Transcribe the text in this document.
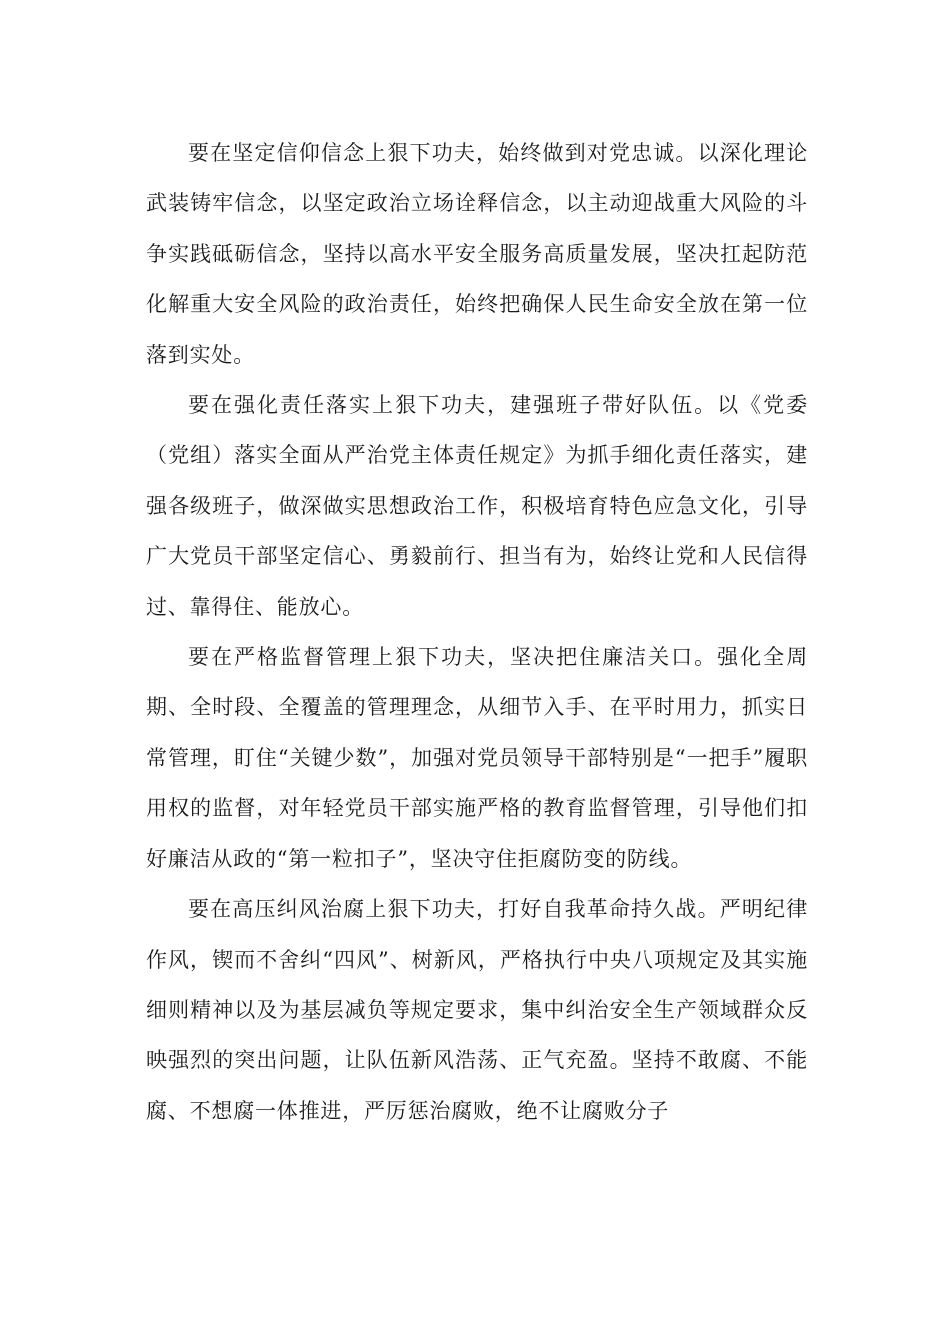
要在坚定信仰信念上狠下功夫，始终做到对党忠诚。以深化理论武装铸牢信念，以坚定政治立场诠释信念，以主动迎战重大风险的斗争实践砥砺信念，坚持以高水平安全服务高质量发展，坚决扛起防范化解重大安全风险的政治责任，始终把确保人民生命安全放在第一位落到实处。

要在强化责任落实上狠下功夫，建强班子带好队伍。以《党委（党组）落实全面从严治党主体责任规定》为抓手细化责任落实，建强各级班子，做深做实思想政治工作，积极培育特色应急文化，引导广大党员干部坚定信心、勇毅前行、担当有为，始终让党和人民信得过、靠得住、能放心。

要在严格监督管理上狠下功夫，坚决把住廉洁关口。强化全周期、全时段、全覆盖的管理理念，从细节入手、在平时用力，抓实日常管理，盯住“关键少数”，加强对党员领导干部特别是“一把手”履职用权的监督，对年轻党员干部实施严格的教育监督管理，引导他们扣好廉洁从政的“第一粒扣子”，坚决守住拒腐防变的防线。

要在高压纠风治腐上狠下功夫，打好自我革命持久战。严明纪律作风，锲而不舍纠“四风”、树新风，严格执行中央八项规定及其实施细则精神以及为基层减负等规定要求，集中纠治安全生产领域群众反映强烈的突出问题，让队伍新风浩荡、正气充盈。坚持不敢腐、不能腐、不想腐一体推进，严厉惩治腐败，绝不让腐败分子
